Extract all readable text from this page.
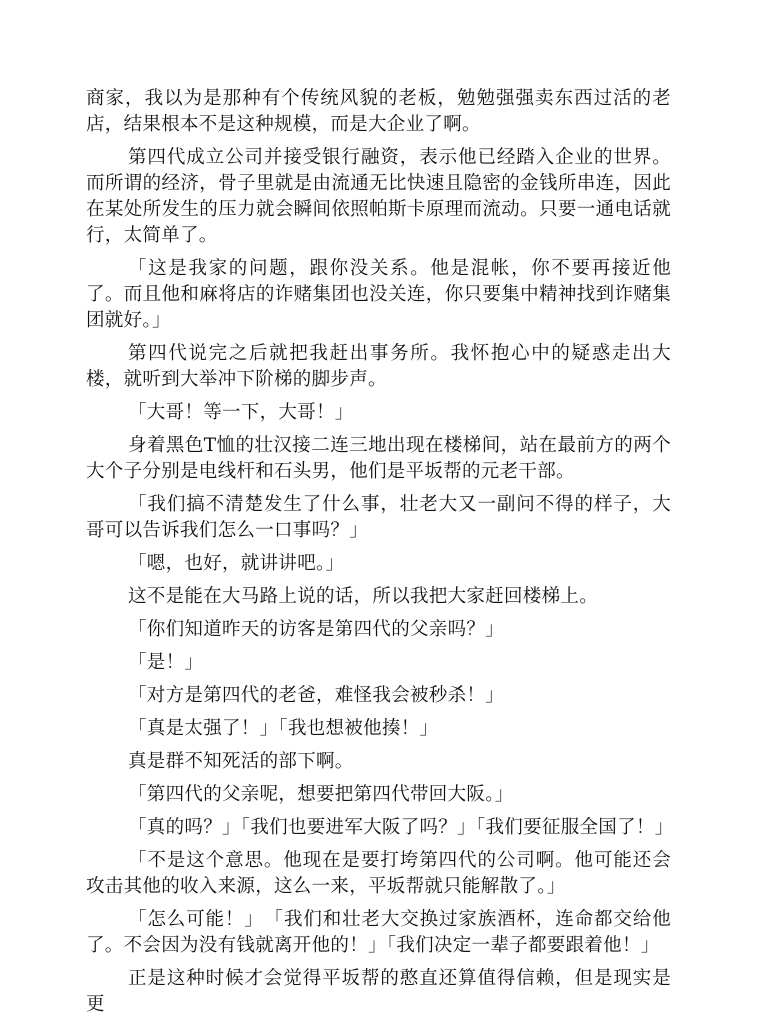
商家，我以为是那种有个传统风貌的老板，勉勉强强卖东西过活的老店，结果根本不是这种规模，而是大企业了啊。

第四代成立公司并接受银行融资，表示他已经踏入企业的世界。而所谓的经济，骨子里就是由流通无比快速且隐密的金钱所串连，因此在某处所发生的压力就会瞬间依照帕斯卡原理而流动。只要一通电话就行，太简单了。

「这是我家的问题，跟你没关系。他是混帐，你不要再接近他了。而且他和麻将店的诈赌集团也没关连，你只要集中精神找到诈赌集团就好。」

第四代说完之后就把我赶出事务所。我怀抱心中的疑惑走出大楼，就听到大举冲下阶梯的脚步声。

「大哥！等一下，大哥！」

身着黑色T恤的壮汉接二连三地出现在楼梯间，站在最前方的两个大个子分别是电线杆和石头男，他们是平坂帮的元老干部。

「我们搞不清楚发生了什么事，壮老大又一副问不得的样子，大哥可以告诉我们怎么一口事吗？」

「嗯，也好，就讲讲吧。」

这不是能在大马路上说的话，所以我把大家赶回楼梯上。

「你们知道昨天的访客是第四代的父亲吗？」

「是！」

「对方是第四代的老爸，难怪我会被秒杀！」

「真是太强了！」「我也想被他揍！」

真是群不知死活的部下啊。

「第四代的父亲呢，想要把第四代带回大阪。」

「真的吗？」「我们也要进军大阪了吗？」「我们要征服全国了！」

「不是这个意思。他现在是要打垮第四代的公司啊。他可能还会攻击其他的收入来源，这么一来，平坂帮就只能解散了。」

「怎么可能！」　「我们和壮老大交换过家族酒杯，连命都交给他了。不会因为没有钱就离开他的！」「我们决定一辈子都要跟着他！」

正是这种时候才会觉得平坂帮的憨直还算值得信赖，但是现实是更
